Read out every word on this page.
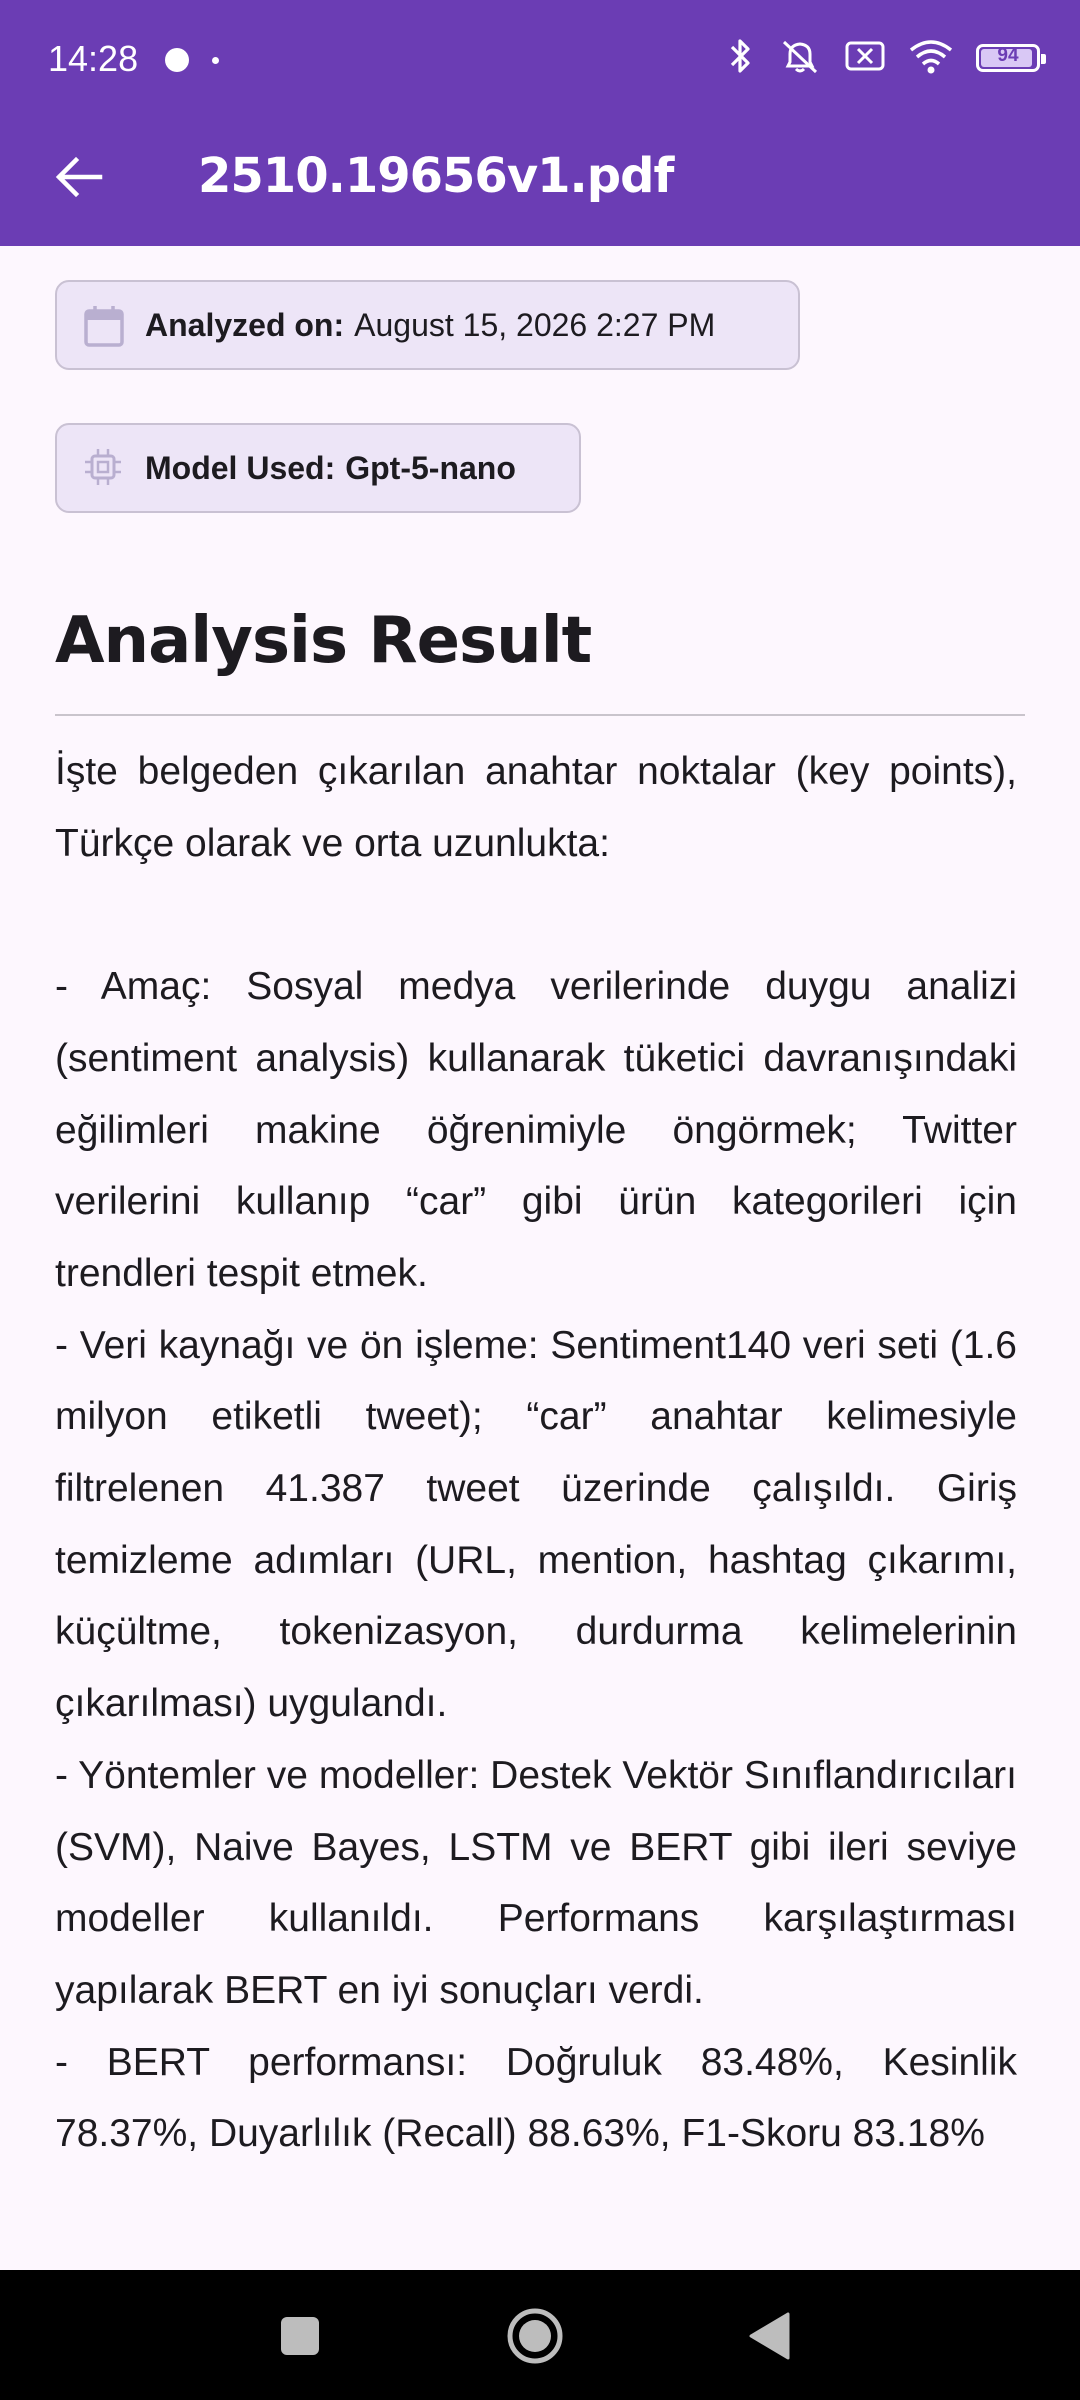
14:28	94
2510.19656v1.pdf
Analyzed on: August 15, 2026 2:27 PM
Model Used: Gpt-5-nano
Analysis Result

İşte belgeden çıkarılan anahtar noktalar (key points), Türkçe olarak ve orta uzunlukta:

- Amaç: Sosyal medya verilerinde duygu analizi (sentiment analysis) kullanarak tüketici davranışındaki eğilimleri makine öğrenimiyle öngörmek; Twitter verilerini kullanıp “car” gibi ürün kategorileri için trendleri tespit etmek.

- Veri kaynağı ve ön işleme: Sentiment140 veri seti (1.6 milyon etiketli tweet); “car” anahtar kelimesiyle filtrelenen 41.387 tweet üzerinde çalışıldı. Giriş temizleme adımları (URL, mention, hashtag çıkarımı, küçültme, tokenizasyon, durdurma kelimelerinin çıkarılması) uygulandı.

- Yöntemler ve modeller: Destek Vektör Sınıflandırıcıları (SVM), Naive Bayes, LSTM ve BERT gibi ileri seviye modeller kullanıldı. Performans karşılaştırması yapılarak BERT en iyi sonuçları verdi.

- BERT performansı: Doğruluk 83.48%, Kesinlik 78.37%, Duyarlılık (Recall) 88.63%, F1-Skoru 83.18%
